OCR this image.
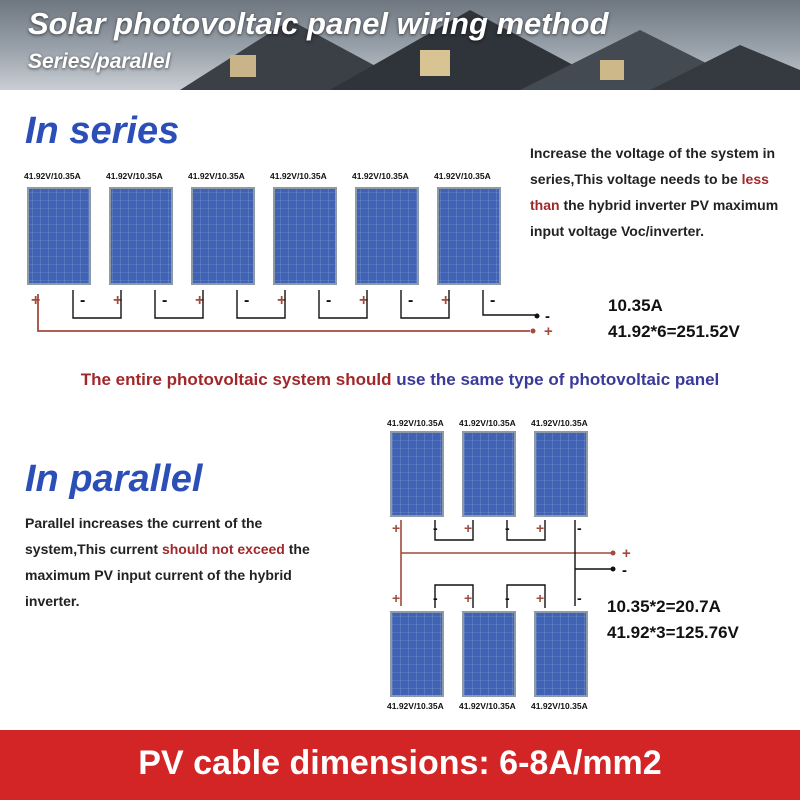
Solar photovoltaic panel wiring method
Series/parallel
In series
41.92V/10.35A	41.92V/10.35A	41.92V/10.35A	41.92V/10.35A	41.92V/10.35A	41.92V/10.35A
Increase the voltage of the system in series,This voltage needs to be less than the hybrid inverter PV maximum input voltage Voc/inverter.
10.35A
41.92*6=251.52V
The entire photovoltaic system should use the same type of photovoltaic panel
In parallel
Parallel increases the current of the system,This current should not exceed the maximum PV input current of the hybrid inverter.
41.92V/10.35A 41.92V/10.35A 41.92V/10.35A
41.92V/10.35A 41.92V/10.35A 41.92V/10.35A
10.35*2=20.7A
41.92*3=125.76V
+ - + - + - + - + - + -
-
+
+ -
+ -
+ -
+ -
+ -
+ -
+
-
PV cable dimensions: 6-8A/mm2
